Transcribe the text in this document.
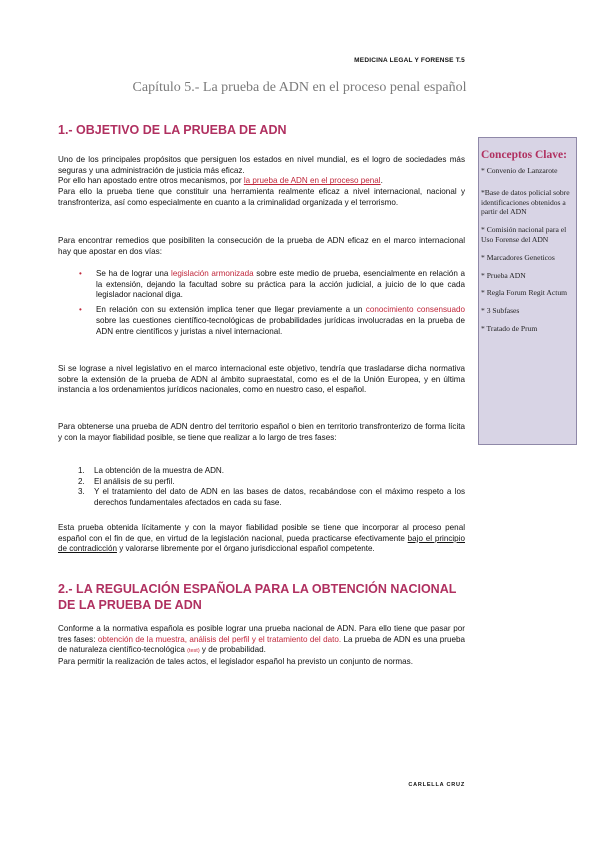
MEDICINA LEGAL Y FORENSE T.5
Capítulo 5.- La prueba de ADN en el proceso penal español
1.- OBJETIVO DE LA PRUEBA DE ADN

Uno de los principales propósitos que persiguen los estados en nivel mundial, es el logro de sociedades más seguras y una administración de justicia más eficaz.

Por ello han apostado entre otros mecanismos, por la prueba de ADN en el proceso penal.

Para ello la prueba tiene que constituir una herramienta realmente eficaz a nivel internacional, nacional y transfronteriza, así como especialmente en cuanto a la criminalidad organizada y el terrorismo.

Para encontrar remedios que posibiliten la consecución de la prueba de ADN eficaz en el marco internacional hay que apostar en dos vías:
• Se ha de lograr una legislación armonizada sobre este medio de prueba, esencialmente en relación a la extensión, dejando la facultad sobre su práctica para la acción judicial, a juicio de lo que cada legislador nacional diga.
• En relación con su extensión implica tener que llegar previamente a un conocimiento consensuado sobre las cuestiones científico-tecnológicas de probabilidades jurídicas involucradas en la prueba de ADN entre científicos y juristas a nivel internacional.
Si se lograse a nivel legislativo en el marco internacional este objetivo, tendría que trasladarse dicha normativa sobre la extensión de la prueba de ADN al ámbito supraestatal, como es el de la Unión Europea, y en última instancia a los ordenamientos jurídicos nacionales, como en nuestro caso, el español.
Para obtenerse una prueba de ADN dentro del territorio español o bien en territorio transfronterizo de forma lícita y con la mayor fiabilidad posible, se tiene que realizar a lo largo de tres fases:
1. La obtención de la muestra de ADN.
2. El análisis de su perfil.
3. Y el tratamiento del dato de ADN en las bases de datos, recabándose con el máximo respeto a los derechos fundamentales afectados en cada su fase.
Esta prueba obtenida lícitamente y con la mayor fiabilidad posible se tiene que incorporar al proceso penal español con el fin de que, en virtud de la legislación nacional, pueda practicarse efectivamente bajo el principio de contradicción y valorarse libremente por el órgano jurisdiccional español competente.
2.- LA REGULACIÓN ESPAÑOLA PARA LA OBTENCIÓN NACIONAL DE LA PRUEBA DE ADN

Conforme a la normativa española es posible lograr una prueba nacional de ADN. Para ello tiene que pasar por tres fases: obtención de la muestra, análisis del perfil y el tratamiento del dato. La prueba de ADN es una prueba de naturaleza científico-tecnológica (test) y de probabilidad.

Para permitir la realización de tales actos, el legislador español ha previsto un conjunto de normas.

Conceptos Clave:
* Convenio de Lanzarote
*Base de datos policial sobre identificaciones obtenidos a partir del ADN
* Comisión nacional para el Uso Forense del ADN
* Marcadores Geneticos
* Prueba ADN
* Regla Forum Regit Actum
* 3 Subfases
* Tratado de Prum
CARLELLA CRUZ
